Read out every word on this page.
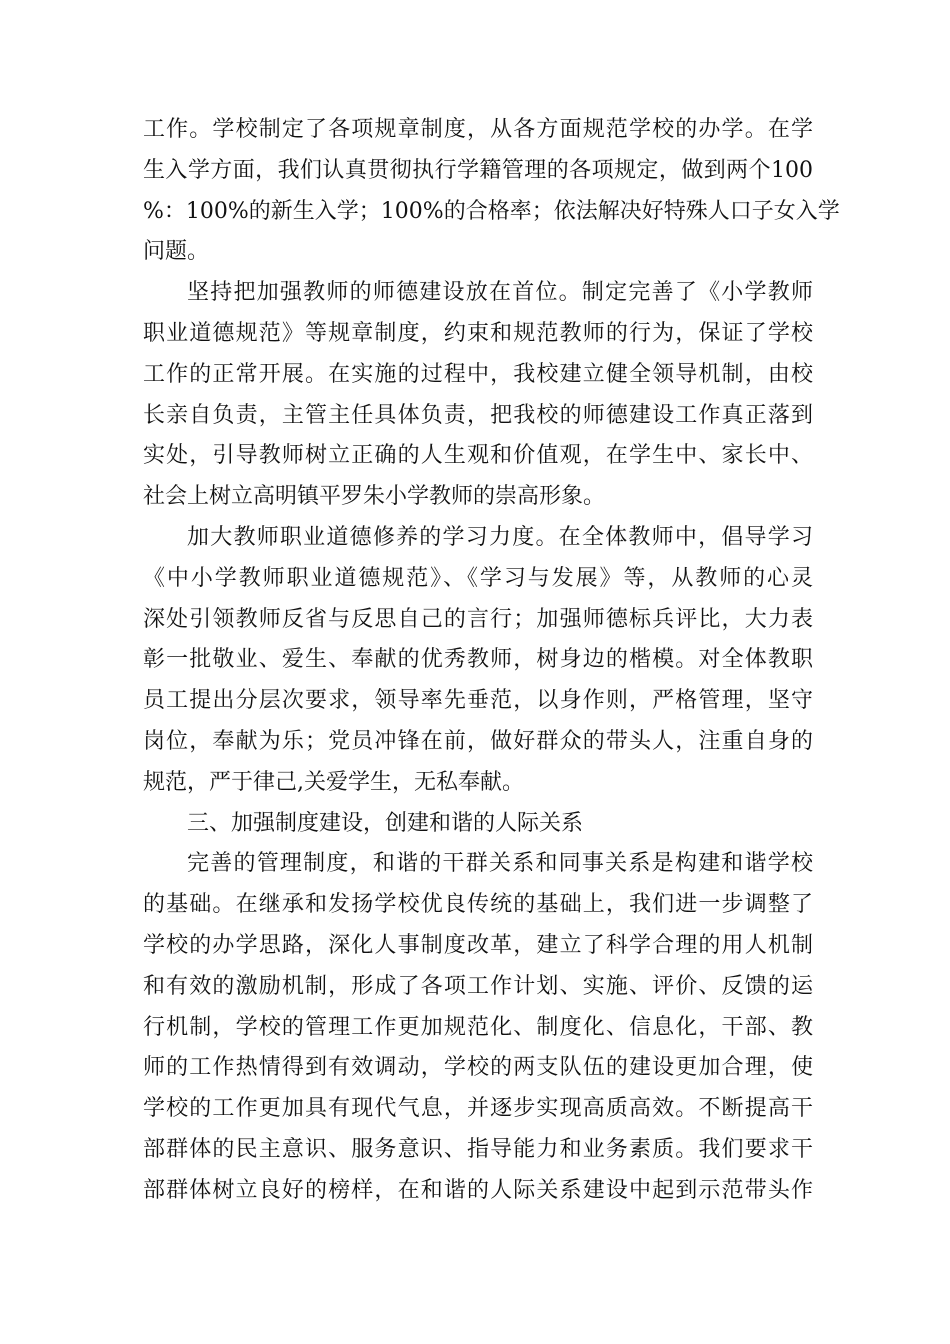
工作。学校制定了各项规章制度，从各方面规范学校的办学。在学
生入学方面，我们认真贯彻执行学籍管理的各项规定，做到两个100
%：100%的新生入学；100%的合格率；依法解决好特殊人口子女入学
问题。
坚持把加强教师的师德建设放在首位。制定完善了《小学教师
职业道德规范》等规章制度，约束和规范教师的行为，保证了学校
工作的正常开展。在实施的过程中，我校建立健全领导机制，由校
长亲自负责，主管主任具体负责，把我校的师德建设工作真正落到
实处，引导教师树立正确的人生观和价值观，在学生中、家长中、
社会上树立高明镇平罗朱小学教师的崇高形象。
加大教师职业道德修养的学习力度。在全体教师中，倡导学习
《中小学教师职业道德规范》、《学习与发展》等，从教师的心灵
深处引领教师反省与反思自己的言行；加强师德标兵评比，大力表
彰一批敬业、爱生、奉献的优秀教师，树身边的楷模。对全体教职
员工提出分层次要求，领导率先垂范，以身作则，严格管理，坚守
岗位，奉献为乐；党员冲锋在前，做好群众的带头人，注重自身的
规范，严于律己,关爱学生，无私奉献。
三、加强制度建设，创建和谐的人际关系
完善的管理制度，和谐的干群关系和同事关系是构建和谐学校
的基础。在继承和发扬学校优良传统的基础上，我们进一步调整了
学校的办学思路，深化人事制度改革，建立了科学合理的用人机制
和有效的激励机制，形成了各项工作计划、实施、评价、反馈的运
行机制，学校的管理工作更加规范化、制度化、信息化，干部、教
师的工作热情得到有效调动，学校的两支队伍的建设更加合理，使
学校的工作更加具有现代气息，并逐步实现高质高效。不断提高干
部群体的民主意识、服务意识、指导能力和业务素质。我们要求干
部群体树立良好的榜样，在和谐的人际关系建设中起到示范带头作
